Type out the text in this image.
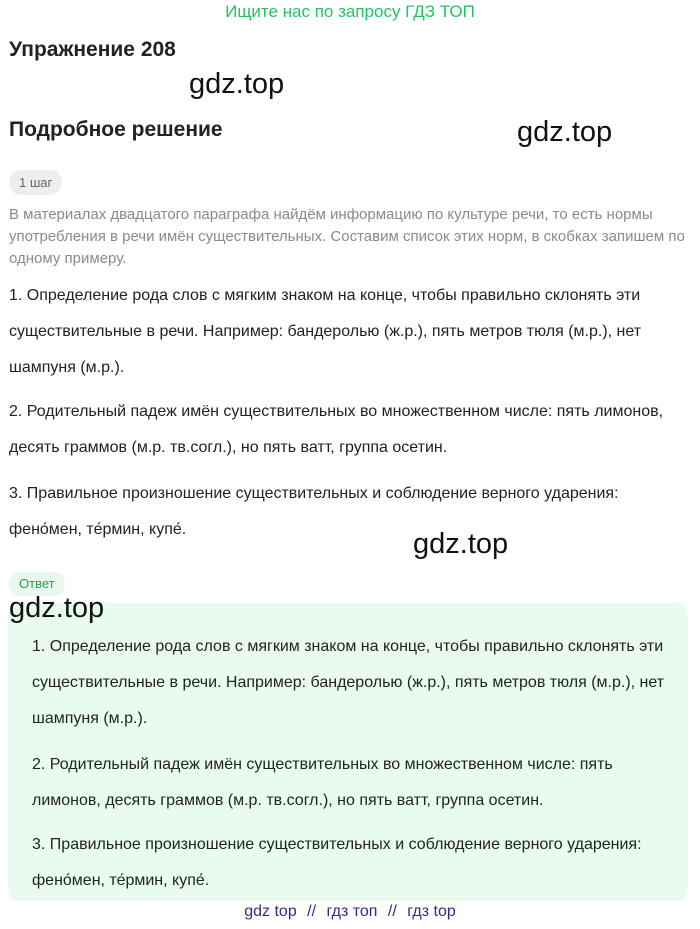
Ищите нас по запросу ГДЗ ТОП
Упражнение 208
gdz.top
Подробное решение	gdz.top
1 шаг
В материалах двадцатого параграфа найдём информацию по культуре речи, то есть нормы употребления в речи имён существительных. Составим список этих норм, в скобках запишем по одному примеру.
1. Определение рода слов с мягким знаком на конце, чтобы правильно склонять эти существительные в речи. Например: бандеролью (ж.р.), пять метров тюля (м.р.), нет шампуня (м.р.).
2. Родительный падеж имён существительных во множественном числе: пять лимонов, десять граммов (м.р. тв.согл.), но пять ватт, группа осетин.
3. Правильное произношение существительных и соблюдение верного ударения: фено́мен, те́рмин, купе́.	gdz.top
Ответ
gdz.top
1. Определение рода слов с мягким знаком на конце, чтобы правильно склонять эти существительные в речи. Например: бандеролью (ж.р.), пять метров тюля (м.р.), нет шампуня (м.р.).
2. Родительный падеж имён существительных во множественном числе: пять лимонов, десять граммов (м.р. тв.согл.), но пять ватт, группа осетин.
3. Правильное произношение существительных и соблюдение верного ударения: фено́мен, те́рмин, купе́.
gdz top // гдз топ // гдз top
